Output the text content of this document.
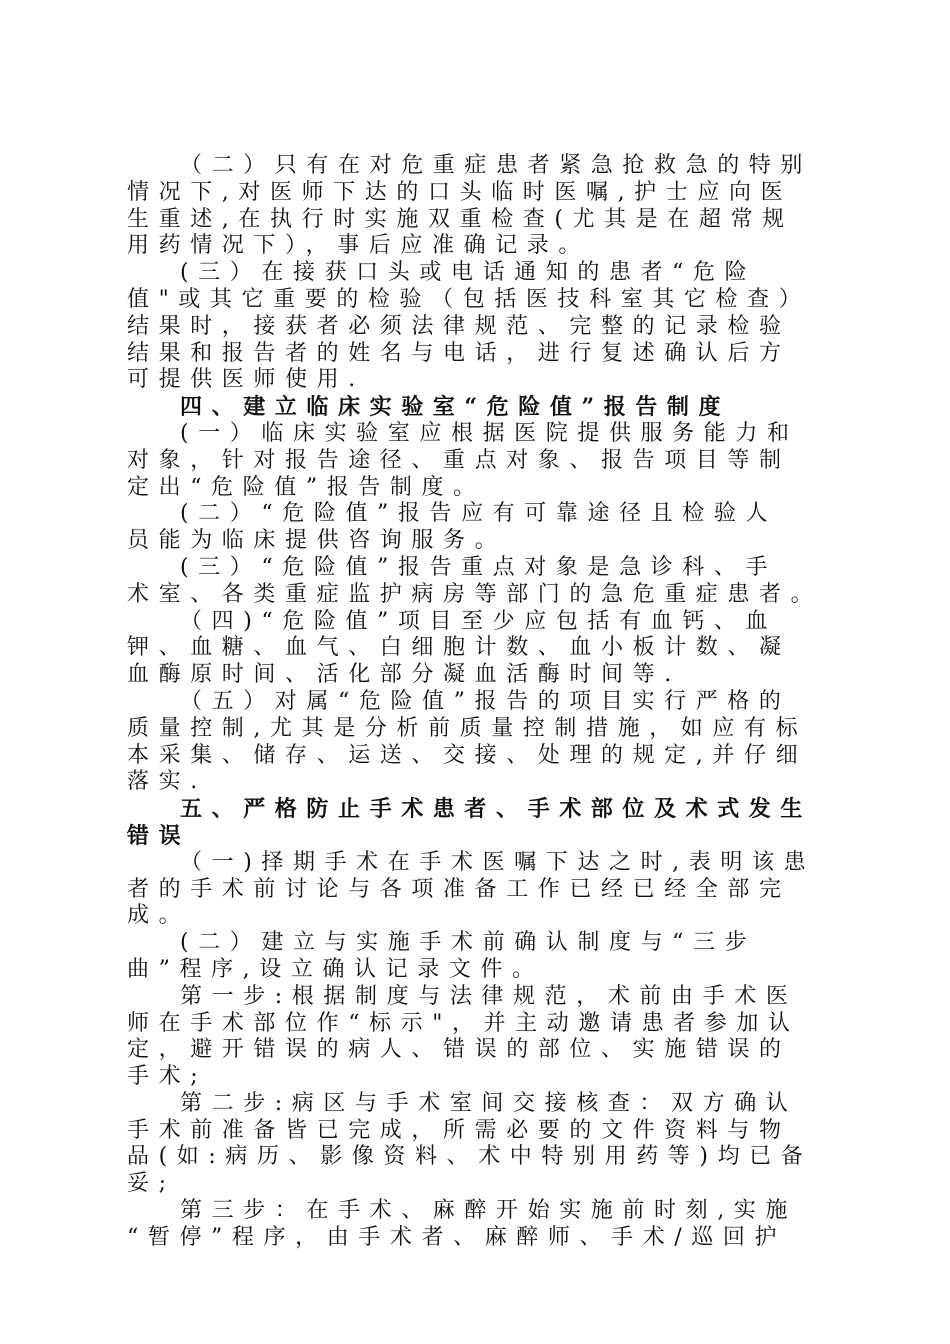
（二）只有在对危重症患者紧急抢救急的特别
情况下,对医师下达的口头临时医嘱,护士应向医
生重述,在执行时实施双重检查(尤其是在超常规
用药情况下），事后应准确记录。
(三）在接获口头或电话通知的患者“危险
值"或其它重要的检验（包括医技科室其它检查）
结果时，接获者必须法律规范、完整的记录检验
结果和报告者的姓名与电话，进行复述确认后方
可提供医师使用.
四、建立临床实验室“危险值”报告制度
(一）临床实验室应根据医院提供服务能力和
对象，针对报告途径、重点对象、报告项目等制
定出“危险值”报告制度。
(二）“危险值”报告应有可靠途径且检验人
员能为临床提供咨询服务。
(三）“危险值”报告重点对象是急诊科、手
术室、各类重症监护病房等部门的急危重症患者。
（四)“危险值”项目至少应包括有血钙、血
钾、血糖、血气、白细胞计数、血小板计数、凝
血酶原时间、活化部分凝血活酶时间等.
（五）对属“危险值”报告的项目实行严格的
质量控制,尤其是分析前质量控制措施，如应有标
本采集、储存、运送、交接、处理的规定,并仔细
落实.
五、严格防止手术患者、手术部位及术式发生
错误
（一)择期手术在手术医嘱下达之时,表明该患
者的手术前讨论与各项准备工作已经已经全部完
成。
(二）建立与实施手术前确认制度与“三步
曲”程序,设立确认记录文件。
第一步:根据制度与法律规范，术前由手术医
师在手术部位作“标示"，并主动邀请患者参加认
定，避开错误的病人、错误的部位、实施错误的
手术;
第二步:病区与手术室间交接核查：双方确认
手术前准备皆已完成，所需必要的文件资料与物
品(如:病历、影像资料、术中特别用药等)均已备
妥;
第三步：在手术、麻醉开始实施前时刻,实施
“暂停”程序，由手术者、麻醉师、手术/巡回护
